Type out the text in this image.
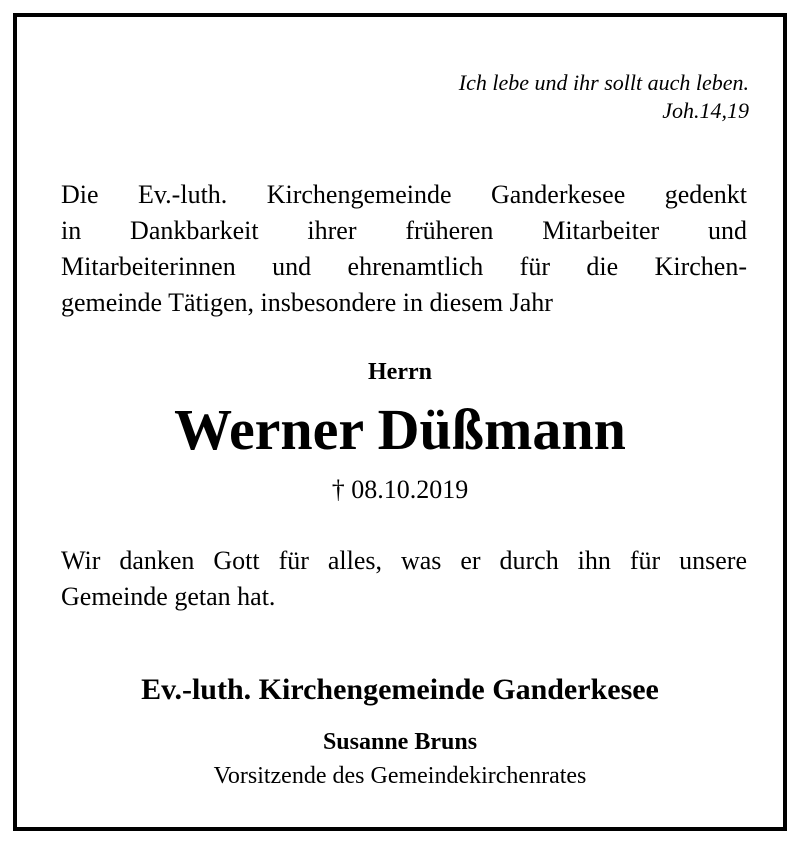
Ich lebe und ihr sollt auch leben.
Joh.14,19

Die Ev.-luth. Kirchengemeinde Ganderkesee gedenkt
in Dankbarkeit ihrer früheren Mitarbeiter und
Mitarbeiterinnen und ehrenamtlich für die Kirchen-
gemeinde Tätigen, insbesondere in diesem Jahr

Herrn
Werner Düßmann
† 08.10.2019

Wir danken Gott für alles, was er durch ihn für unsere
Gemeinde getan hat.

Ev.-luth. Kirchengemeinde Ganderkesee
Susanne Bruns
Vorsitzende des Gemeindekirchenrates
